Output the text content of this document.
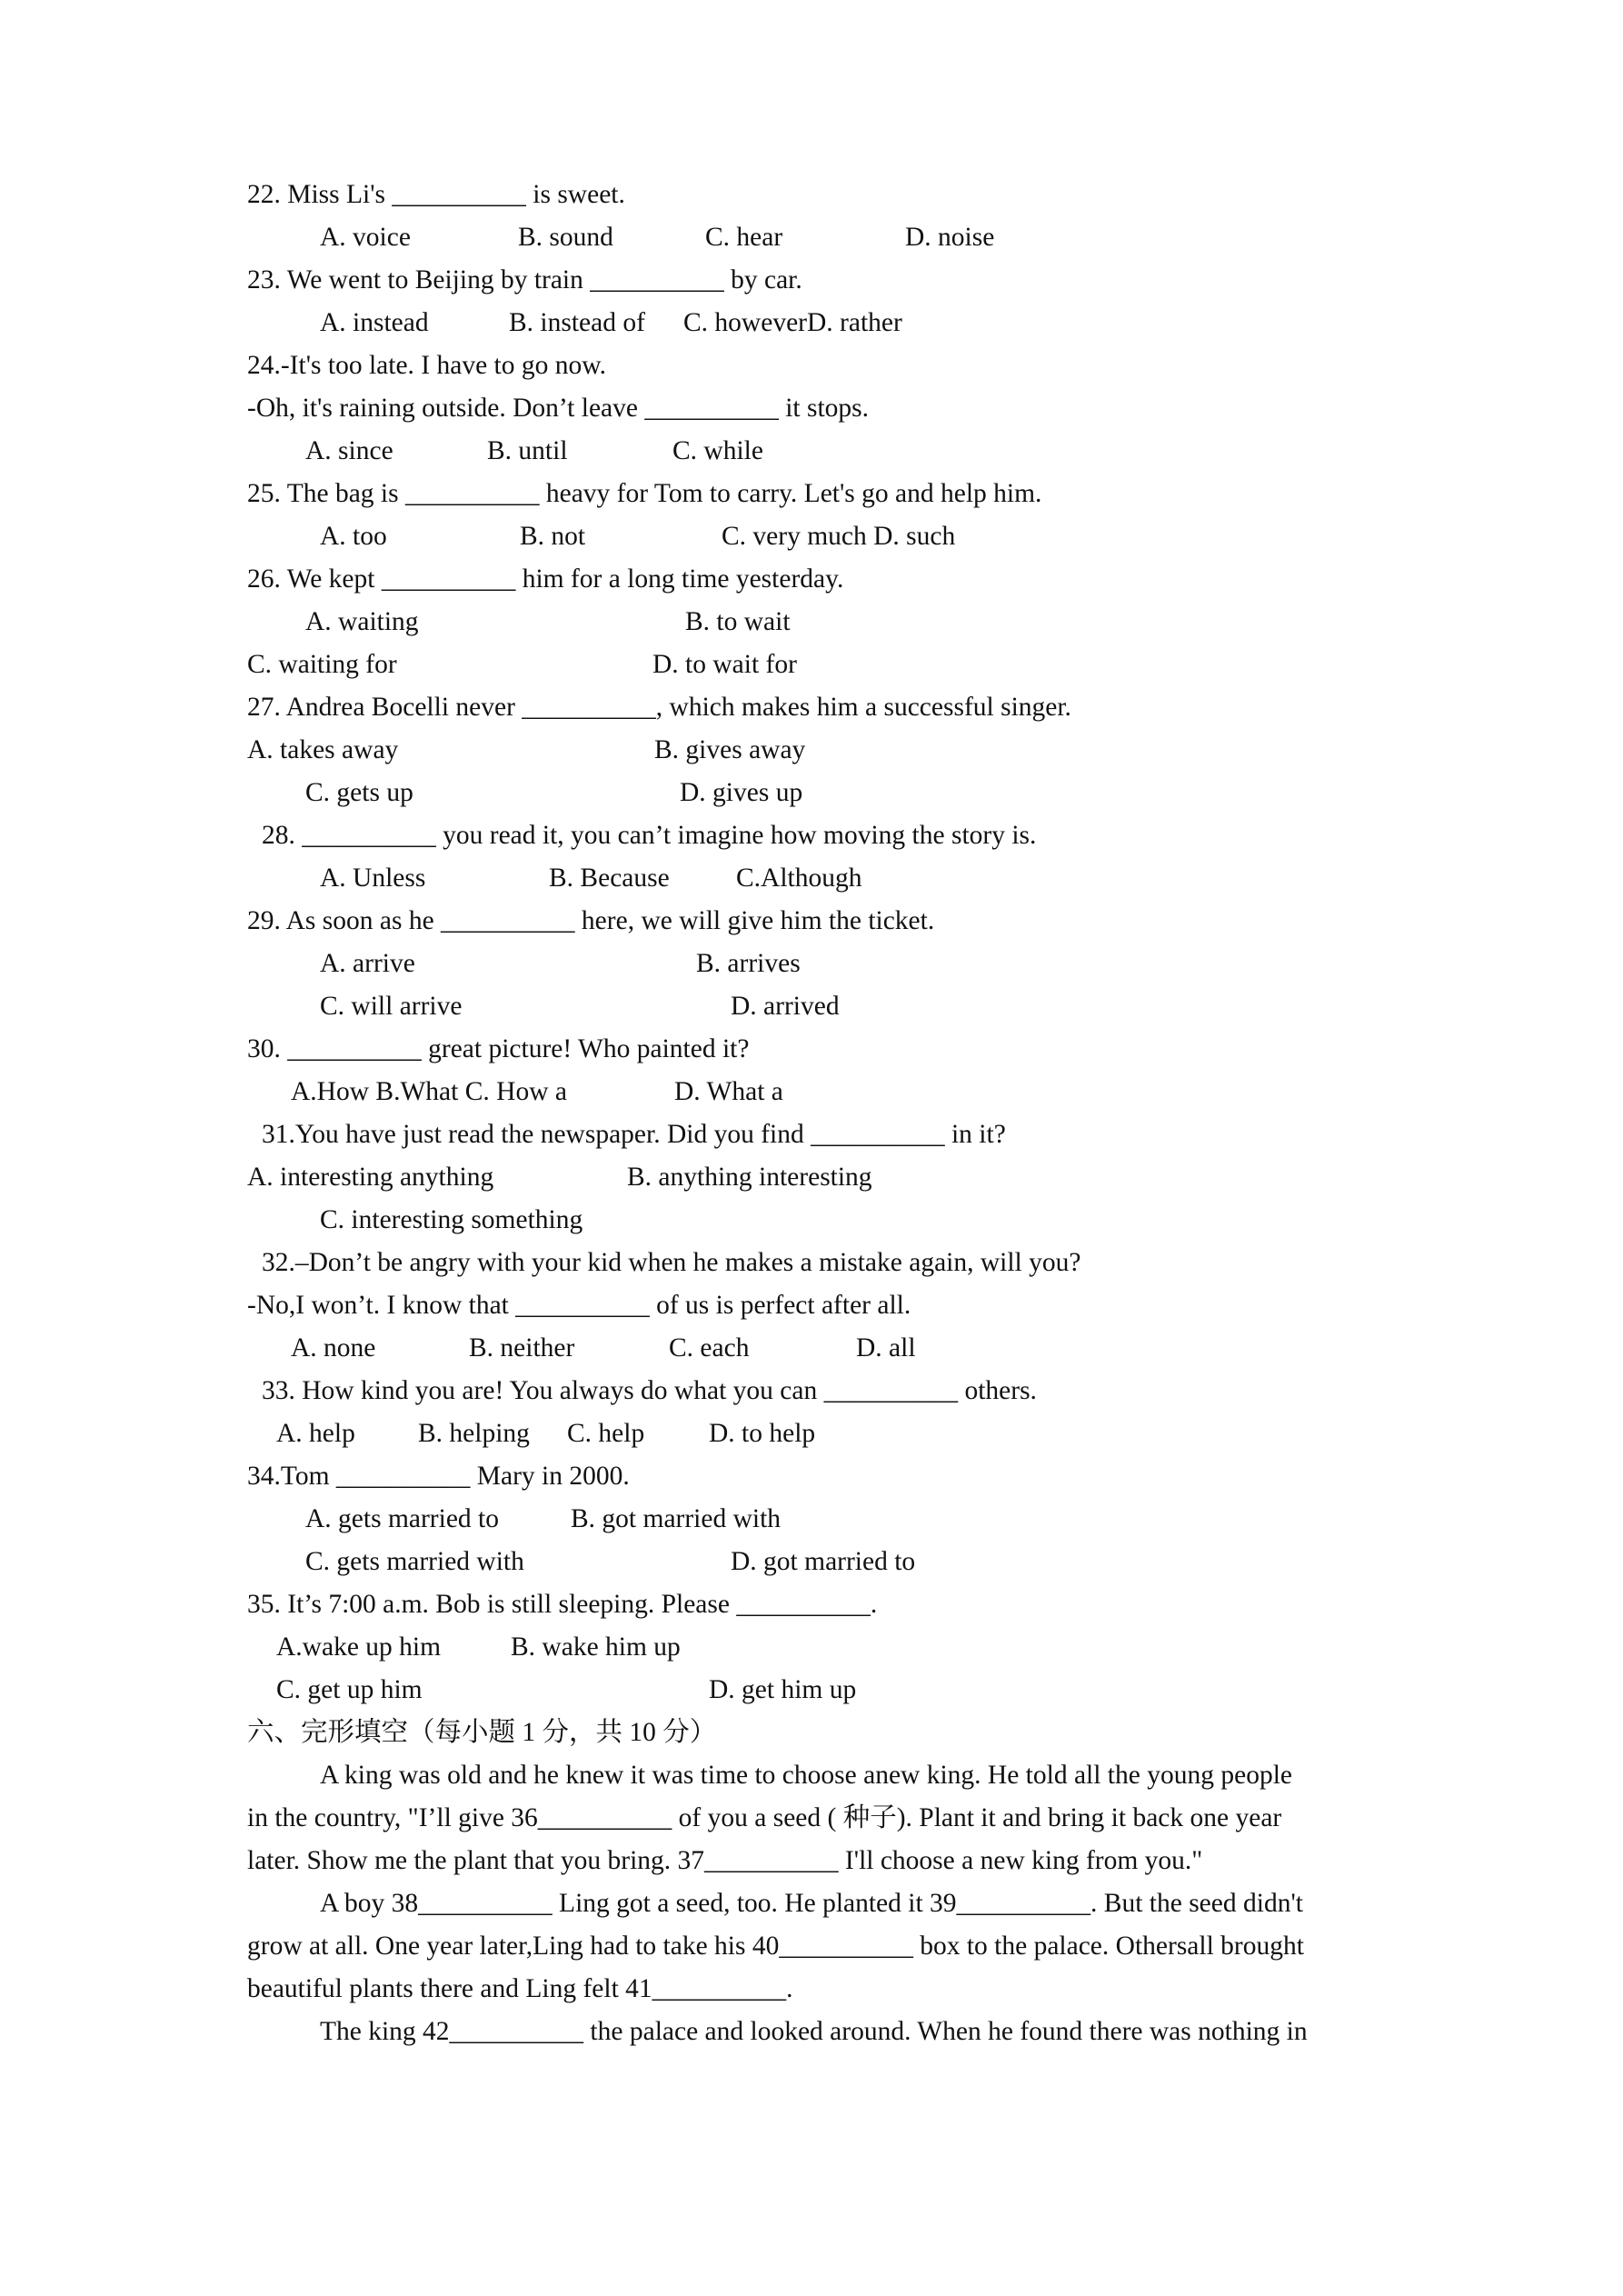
22. Miss Li's __________ is sweet.
A. voice	B. sound	C. hear	D. noise
23. We went to Beijing by train __________ by car.
A. instead	B. instead of C. howeverD. rather
24.-It's too late. I have to go now.
-Oh, it's raining outside. Don’t leave __________ it stops.
A. since	B. until	C. while
25. The bag is __________ heavy for Tom to carry. Let's go and help him.
A. too	B. not	C. very much D. such
26. We kept __________ him for a long time yesterday.
A. waiting	B. to wait
C. waiting for	D. to wait for
27. Andrea Bocelli never __________, which makes him a successful singer.
A. takes away	B. gives away
C. gets up	D. gives up
28. __________ you read it, you can’t imagine how moving the story is.
A. Unless	B. Because C.Although
29. As soon as he __________ here, we will give him the ticket.
A. arrive	B. arrives
C. will arrive	D. arrived
30. __________ great picture! Who painted it?
A.How B.What C. How a	D. What a
31.You have just read the newspaper. Did you find __________ in it?
A. interesting anything	B. anything interesting
C. interesting something
32.–Don’t be angry with your kid when he makes a mistake again, will you?
-No,I won’t. I know that __________ of us is perfect after all.
A. none	B. neither	C. each	D. all
33. How kind you are! You always do what you can __________ others.
A. help B. helping C. help D. to help
34.Tom __________ Mary in 2000.
A. gets married to	B. got married with
C. gets married with	D. got married to
35. It’s 7:00 a.m. Bob is still sleeping. Please __________.
A.wake up him	B. wake him up
C. get up him	D. get him up
六、完形填空（每小题 1 分，共 10 分）
A king was old and he knew it was time to choose anew king. He told all the young people
in the country, "I’ll give 36__________ of you a seed ( 种子). Plant it and bring it back one year
later. Show me the plant that you bring. 37__________ I'll choose a new king from you."
A boy 38__________ Ling got a seed, too. He planted it 39__________. But the seed didn't
grow at all. One year later,Ling had to take his 40__________ box to the palace. Othersall brought
beautiful plants there and Ling felt 41__________.
The king 42__________ the palace and looked around. When he found there was nothing in
